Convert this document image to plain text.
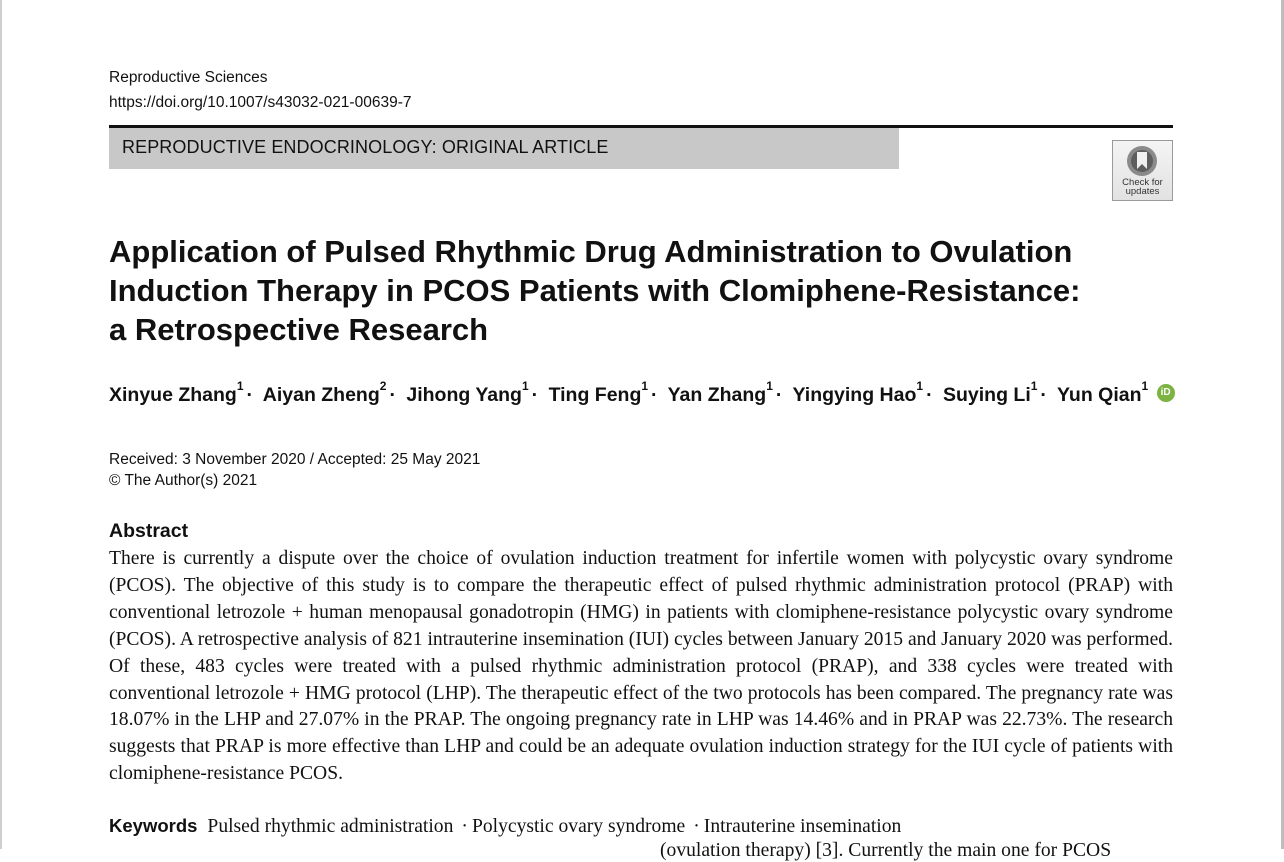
Reproductive Sciences
https://doi.org/10.1007/s43032-021-00639-7
REPRODUCTIVE ENDOCRINOLOGY: ORIGINAL ARTICLE
Check for
updates
Application of Pulsed Rhythmic Drug Administration to Ovulation
Induction Therapy in PCOS Patients with Clomiphene-Resistance:
a Retrospective Research
Xinyue Zhang$^1$ · Aiyan Zheng$^2$ · Jihong Yang$^1$ · Ting Feng$^1$ · Yan Zhang$^1$ · Yingying Hao$^1$ · Suying $Li^1$ · Yun Qian$^1$ iD
Received: 3 November 2020 / Accepted: 25 May 2021
© The Author(s) 2021
Abstract

There is currently a dispute over the choice of ovulation induction treatment for infertile women with polycystic ovary syndrome (PCOS). The objective of this study is to compare the therapeutic effect of pulsed rhythmic administration protocol (PRAP) with conventional letrozole + human menopausal gonadotropin (HMG) in patients with clomiphene-resistance polycystic ovary syndrome (PCOS). A retrospective analysis of 821 intrauterine insemination (IUI) cycles between January 2015 and January 2020 was performed. Of these, 483 cycles were treated with a pulsed rhythmic administration protocol (PRAP), and 338 cycles were treated with conventional letrozole + HMG protocol (LHP). The therapeutic effect of the two protocols has been compared. The pregnancy rate was 18.07% in the LHP and 27.07% in the PRAP. The ongoing pregnancy rate in LHP was 14.46% and in PRAP was 22.73%. The research suggests that PRAP is more effective than LHP and could be an adequate ovulation induction strategy for the IUI cycle of patients with clomiphene-resistance PCOS.

Keywords Pulsed rhythmic administration · Polycystic ovary syndrome · Intrauterine insemination
(ovulation therapy) [3]. Currently the main one for PCOS
